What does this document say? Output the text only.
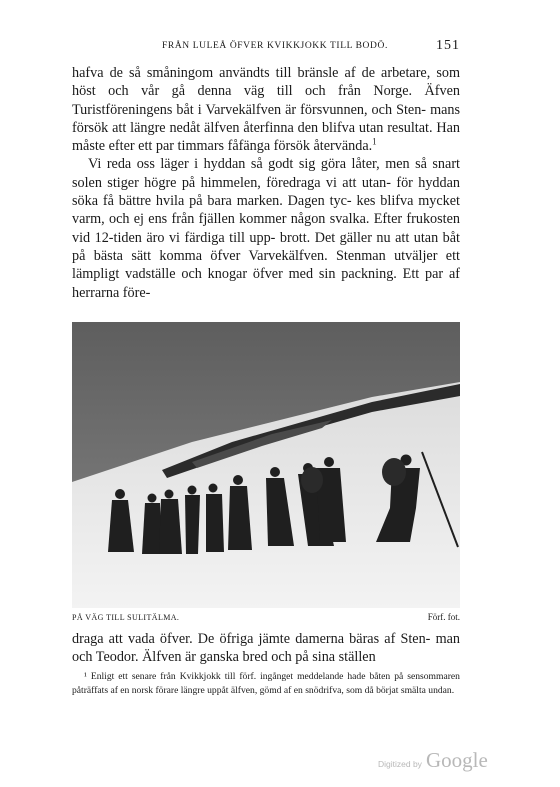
FRÅN LULEÅ ÖFVER KVIKKJOKK TILL BODÖ.	151

hafva de så småningom användts till bränsle af de arbetare, som höst och vår gå denna väg till och från Norge. Äfven Turistföreningens båt i Varvekälfven är försvunnen, och Sten- mans försök att längre nedåt älfven återfinna den blifva utan resultat. Han måste efter ett par timmars fåfänga försök återvända.$^1$

Vi reda oss läger i hyddan så godt sig göra låter, men så snart solen stiger högre på himmelen, föredraga vi att utan- för hyddan söka få bättre hvila på bara marken. Dagen tyc- kes blifva mycket varm, och ej ens från fjällen kommer någon svalka. Efter frukosten vid 12-tiden äro vi färdiga till upp- brott. Det gäller nu att utan båt på bästa sätt komma öfver Varvekälfven. Stenman utväljer ett lämpligt vadställe och knogar öfver med sin packning. Ett par af herrarna före-

PÅ VÄG TILL SULITÄLMA.	Förf. fot.

draga att vada öfver. De öfriga jämte damerna bäras af Sten- man och Teodor. Älfven är ganska bred och på sina ställen

¹ Enligt ett senare från Kvikkjokk till förf. ingånget meddelande hade båten på sensommaren påträffats af en norsk förare längre uppåt älfven, gömd af en snödrifva, som då börjat smälta undan.

Digitized by Google
